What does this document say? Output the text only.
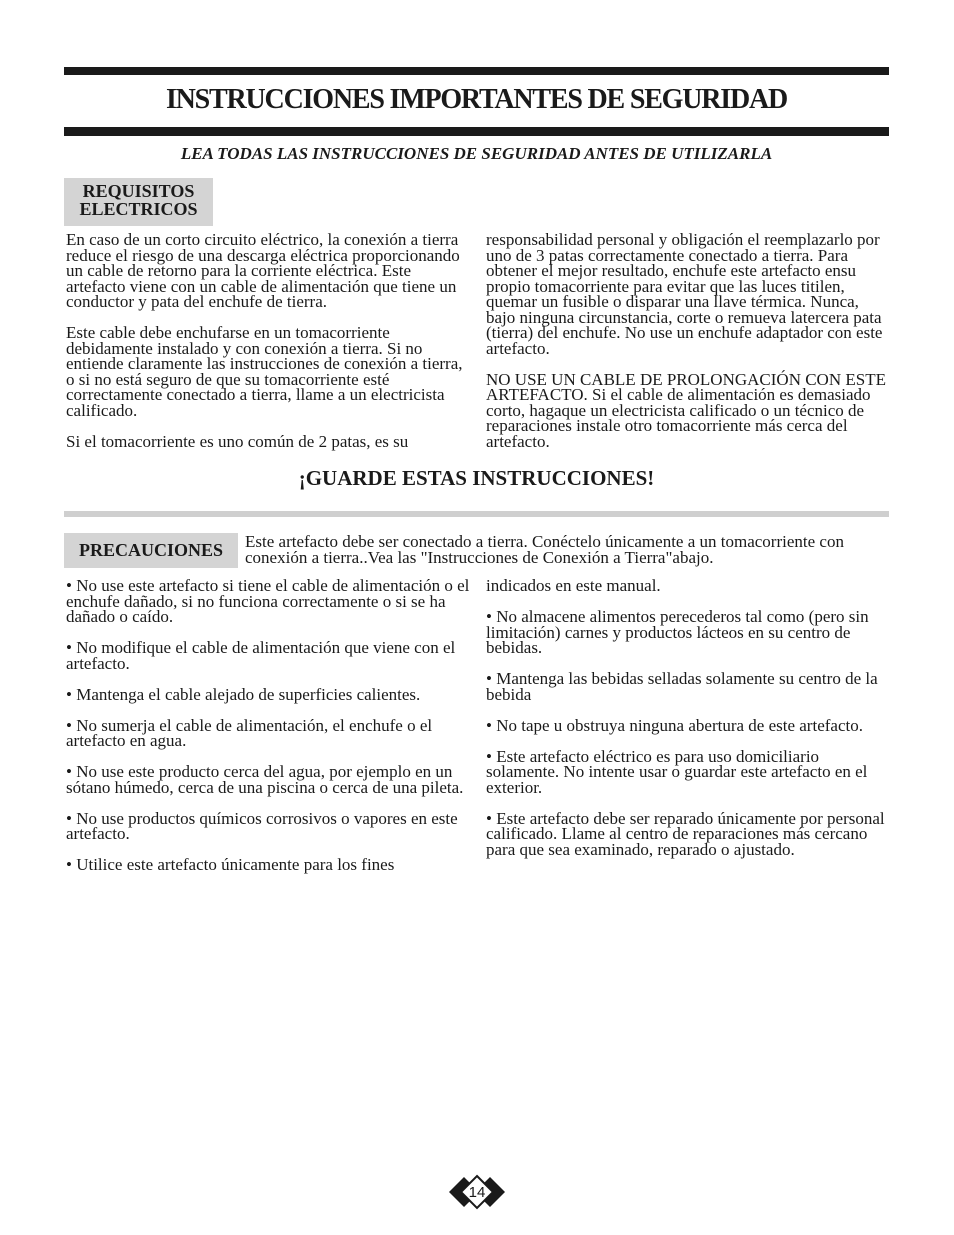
INSTRUCCIONES IMPORTANTES DE SEGURIDAD
LEA TODAS LAS INSTRUCCIONES DE SEGURIDAD ANTES DE UTILIZARLA
REQUISITOS
ELECTRICOS

En caso de un corto circuito eléctrico, la conexión a tierra reduce el riesgo de una descarga eléctrica proporcionando un cable de retorno para la corriente eléctrica. Este artefacto viene con un cable de alimentación que tiene un conductor y pata del enchufe de tierra.

Este cable debe enchufarse en un tomacorriente debidamente instalado y con conexión a tierra. Si no entiende claramente las instrucciones de conexión a tierra, o si no está seguro de que su tomacorriente esté correctamente conectado a tierra, llame a un electricista calificado.

Si el tomacorriente es uno común de 2 patas, es su

responsabilidad personal y obligación el reemplazarlo por uno de 3 patas correctamente conectado a tierra. Para obtener el mejor resultado, enchufe este artefacto ensu propio tomacorriente para evitar que las luces titilen, quemar un fusible o disparar una llave térmica. Nunca, bajo ninguna circunstancia, corte o remueva latercera pata (tierra) del enchufe. No use un enchufe adaptador con este artefacto.

NO USE UN CABLE DE PROLONGACIÓN CON ESTE ARTEFACTO. Si el cable de alimentación es demasiado corto, hagaque un electricista calificado o un técnico de reparaciones instale otro tomacorriente más cerca del artefacto.

¡GUARDE ESTAS INSTRUCCIONES!
PRECAUCIONES	Este artefacto debe ser conectado a tierra. Conéctelo únicamente a un tomacorriente con conexión a tierra..Vea las "Instrucciones de Conexión a Tierra"abajo.

• No use este artefacto si tiene el cable de alimentación o el enchufe dañado, si no funciona correctamente o si se ha dañado o caído.

• No modifique el cable de alimentación que viene con el artefacto.

• Mantenga el cable alejado de superficies calientes.

• No sumerja el cable de alimentación, el enchufe o el artefacto en agua.

• No use este producto cerca del agua, por ejemplo en un sótano húmedo, cerca de una piscina o cerca de una pileta.

• No use productos químicos corrosivos o vapores en este artefacto.

• Utilice este artefacto únicamente para los fines

indicados en este manual.

• No almacene alimentos perecederos tal como (pero sin limitación) carnes y productos lácteos en su centro de bebidas.

• Mantenga las bebidas selladas solamente su centro de la bebida

• No tape u obstruya ninguna abertura de este artefacto.

• Este artefacto eléctrico es para uso domiciliario solamente. No intente usar o guardar este artefacto en el exterior.

• Este artefacto debe ser reparado únicamente por personal calificado. Llame al centro de reparaciones más cercano para que sea examinado, reparado o ajustado.

14
